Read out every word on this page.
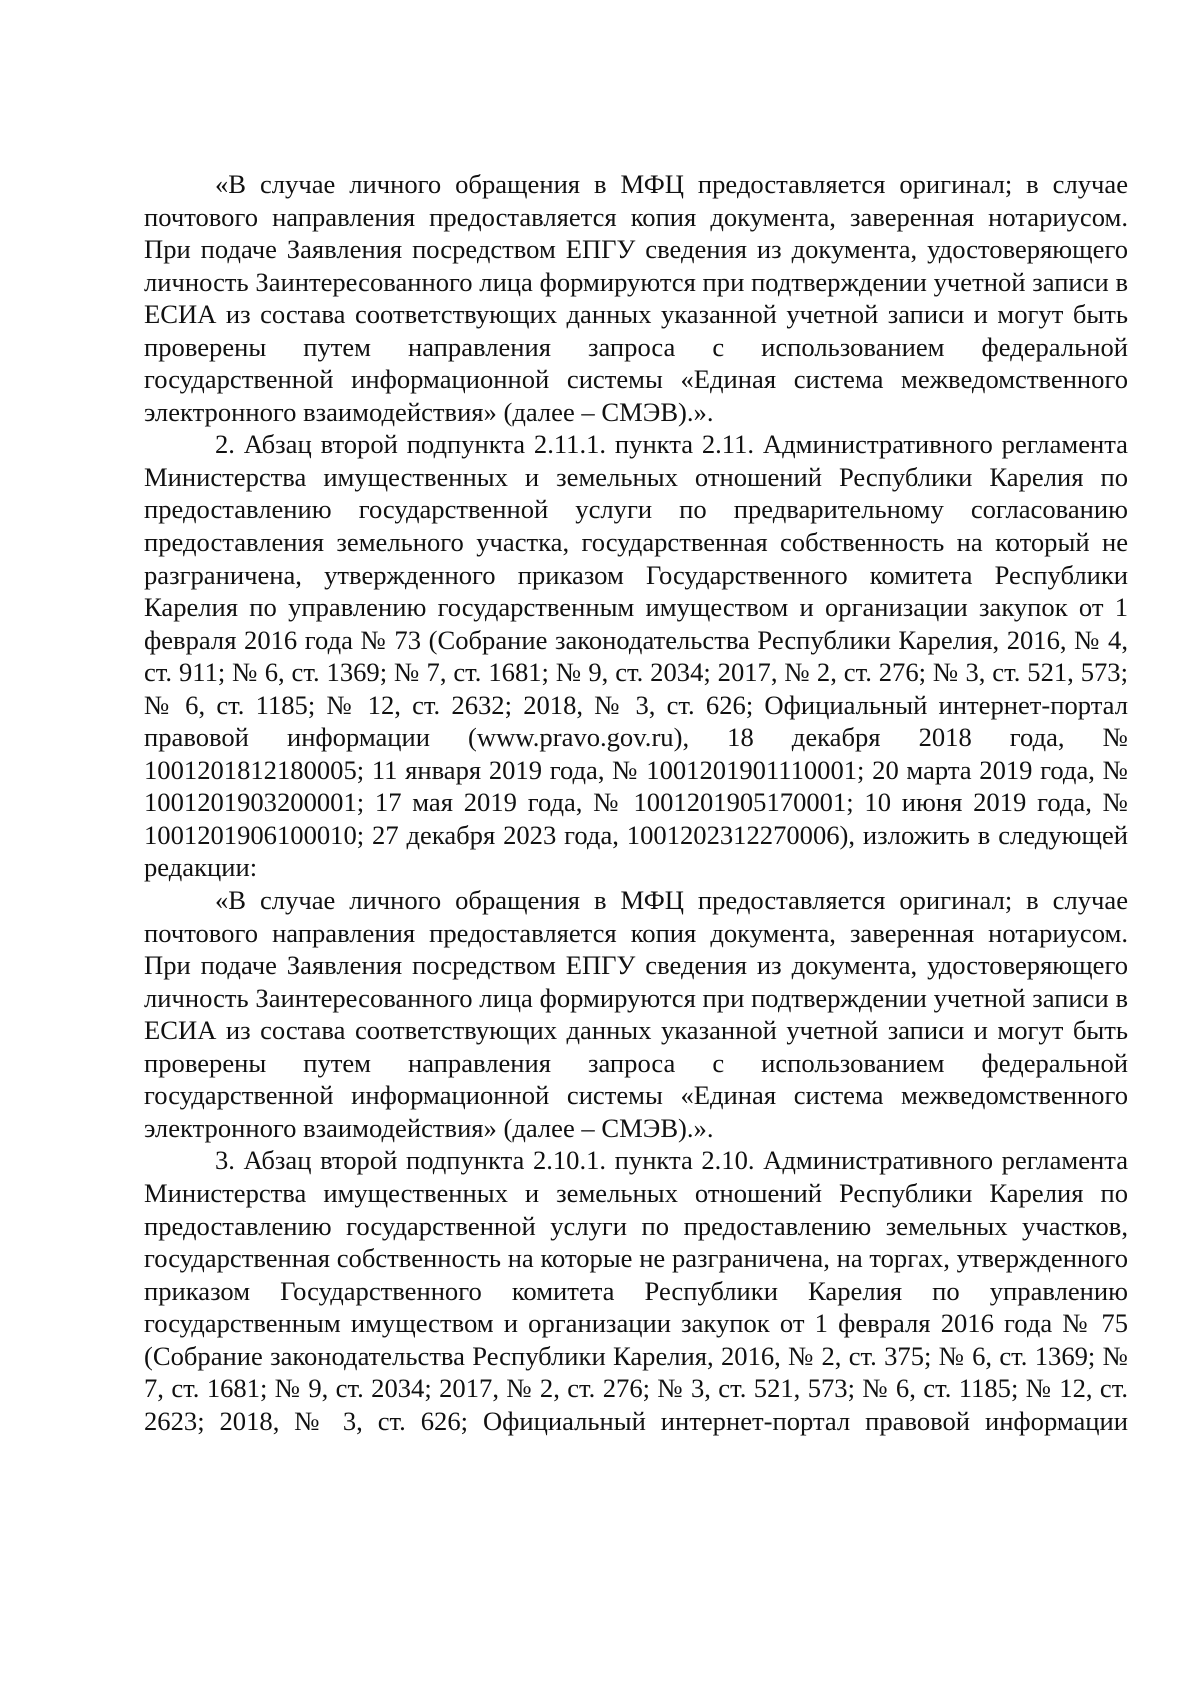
«В случае личного обращения в МФЦ предоставляется оригинал; в случае почтового направления предоставляется копия документа, заверенная нотариусом. При подаче Заявления посредством ЕПГУ сведения из документа, удостоверяющего личность Заинтересованного лица формируются при подтверждении учетной записи в ЕСИА из состава соответствующих данных указанной учетной записи и могут быть проверены путем направления запроса с использованием федеральной государственной информационной системы «Единая система межведомственного электронного взаимодействия» (далее – СМЭВ).».

2. Абзац второй подпункта 2.11.1. пункта 2.11. Административного регламента Министерства имущественных и земельных отношений Республики Карелия по предоставлению государственной услуги по предварительному согласованию предоставления земельного участка, государственная собственность на который не разграничена, утвержденного приказом Государственного комитета Республики Карелия по управлению государственным имуществом и организации закупок от 1 февраля 2016 года № 73 (Собрание законодательства Республики Карелия, 2016, № 4, ст. 911; № 6, ст. 1369; № 7, ст. 1681; № 9, ст. 2034; 2017, № 2, ст. 276; № 3, ст. 521, 573; № 6, ст. 1185; № 12, ст. 2632; 2018, № 3, ст. 626; Официальный интернет-портал правовой информации (www.pravo.gov.ru), 18 декабря 2018 года, № 1001201812180005; 11 января 2019 года, № 1001201901110001; 20 марта 2019 года, № 1001201903200001; 17 мая 2019 года, № 1001201905170001; 10 июня 2019 года, № 1001201906100010; 27 декабря 2023 года, 1001202312270006), изложить в следующей редакции:

«В случае личного обращения в МФЦ предоставляется оригинал; в случае почтового направления предоставляется копия документа, заверенная нотариусом. При подаче Заявления посредством ЕПГУ сведения из документа, удостоверяющего личность Заинтересованного лица формируются при подтверждении учетной записи в ЕСИА из состава соответствующих данных указанной учетной записи и могут быть проверены путем направления запроса с использованием федеральной государственной информационной системы «Единая система межведомственного электронного взаимодействия» (далее – СМЭВ).».

3. Абзац второй подпункта 2.10.1. пункта 2.10. Административного регламента Министерства имущественных и земельных отношений Республики Карелия по предоставлению государственной услуги по предоставлению земельных участков, государственная собственность на которые не разграничена, на торгах, утвержденного приказом Государственного комитета Республики Карелия по управлению государственным имуществом и организации закупок от 1 февраля 2016 года № 75 (Собрание законодательства Республики Карелия, 2016, № 2, ст. 375; № 6, ст. 1369; № 7, ст. 1681; № 9, ст. 2034; 2017, № 2, ст. 276; № 3, ст. 521, 573; № 6, ст. 1185; № 12, ст. 2623; 2018, № 3, ст. 626; Официальный интернет-портал правовой информации
